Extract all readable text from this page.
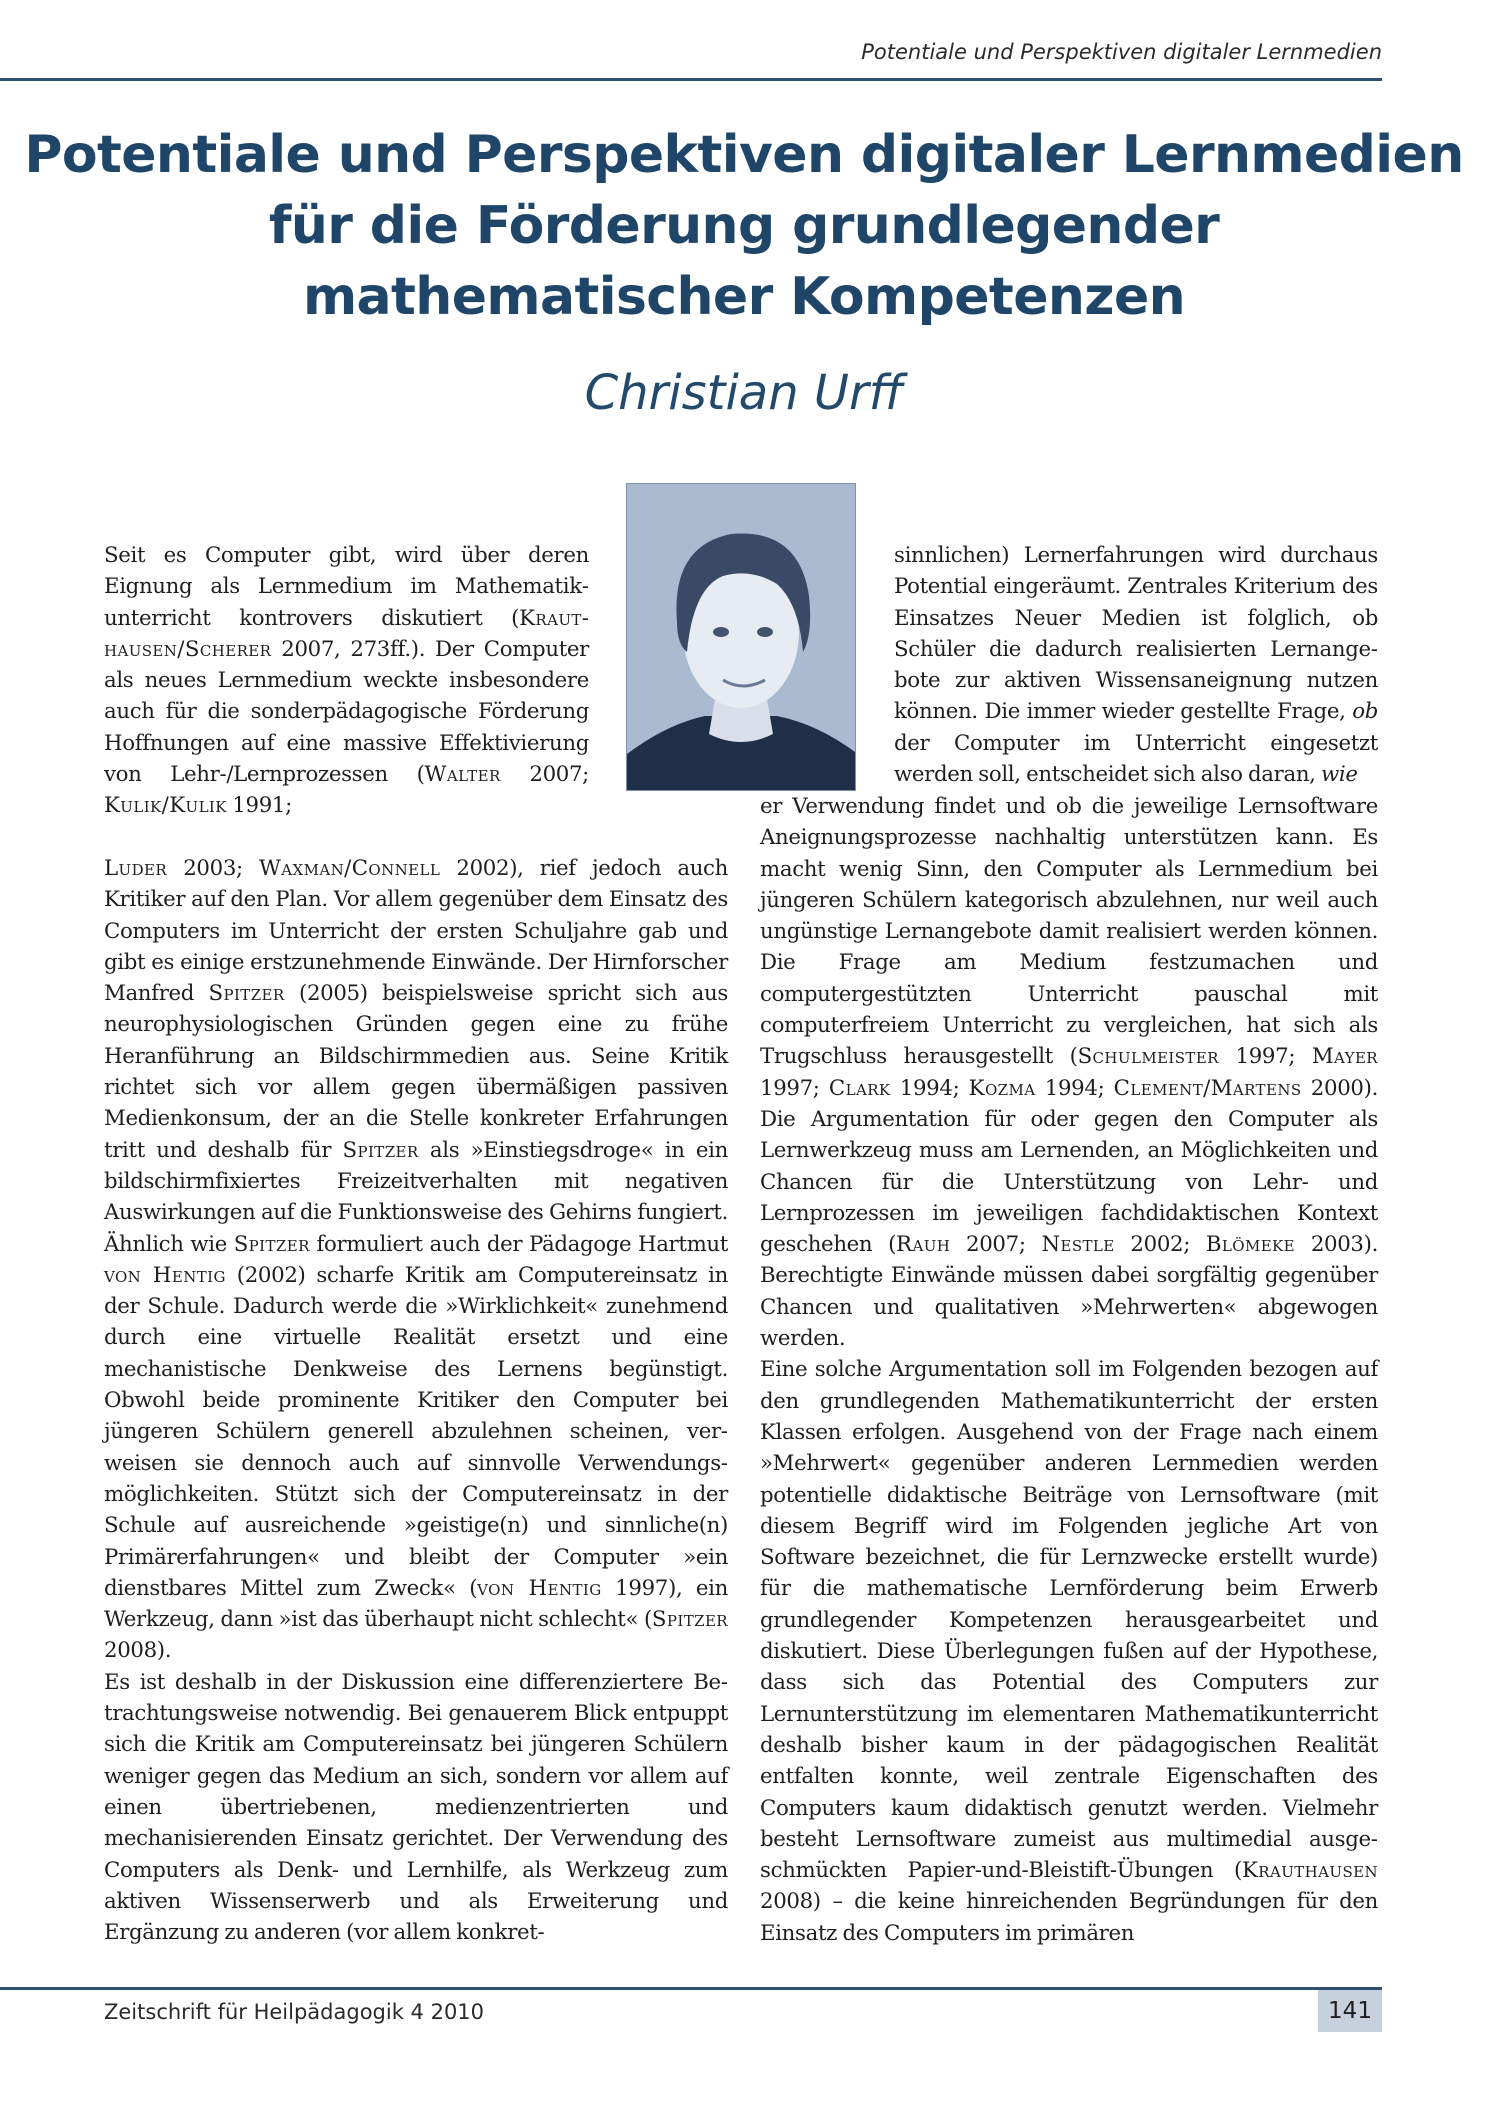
Potentiale und Perspektiven digitaler Lernmedien
Potentiale und Perspektiven digitaler Lernmedien
für die Förderung grundlegender
mathematischer Kompetenzen
Christian Urff
Seit es Computer gibt, wird über deren Eignung als Lernmedium im Mathematikunterricht kontrovers diskutiert (Krauthausen/Scherer 2007, 273ff.). Der Computer als neues Lernmedium weckte insbesondere auch für die sonderpädagogische Förderung Hoffnungen auf eine massive Effektivierung von Lehr-/Lernprozessen (Walter 2007; Kulik/Kulik 1991;

Luder 2003; Waxman/Connell 2002), rief jedoch auch Kritiker auf den Plan. Vor allem gegenüber dem Einsatz des Computers im Unterricht der ersten Schuljahre gab und gibt es einige erstzunehmende Einwände. Der Hirnforscher Manfred Spitzer (2005) beispielsweise spricht sich aus neurophysiologischen Gründen gegen eine zu frühe Heranführung an Bildschirmmedien aus. Seine Kritik richtet sich vor allem gegen übermäßigen passiven Medienkonsum, der an die Stelle konkreter Erfahrungen tritt und deshalb für Spitzer als »Einstiegsdroge« in ein bildschirmfixiertes Freizeitverhalten mit negativen Auswirkungen auf die Funktionsweise des Gehirns fungiert. Ähnlich wie Spitzer formuliert auch der Pädagoge Hartmut von Hentig (2002) scharfe Kritik am Computereinsatz in der Schule. Dadurch werde die »Wirklichkeit« zunehmend durch eine virtuelle Realität ersetzt und eine mechanistische Denkweise des Lernens begünstigt. Obwohl beide prominente Kritiker den Computer bei jüngeren Schülern generell abzulehnen scheinen, verweisen sie dennoch auch auf sinnvolle Verwendungsmöglichkeiten. Stützt sich der Computereinsatz in der Schule auf ausreichende »geistige(n) und sinnliche(n) Primärerfahrungen« und bleibt der Computer »ein dienstbares Mittel zum Zweck« (von Hentig 1997), ein Werkzeug, dann »ist das überhaupt nicht schlecht« (Spitzer 2008).

Es ist deshalb in der Diskussion eine differenziertere Betrachtungsweise notwendig. Bei genauerem Blick entpuppt sich die Kritik am Computereinsatz bei jüngeren Schülern weniger gegen das Medium an sich, sondern vor allem auf einen übertriebenen, medienzentrierten und mechanisierenden Einsatz gerichtet. Der Verwendung des Computers als Denk- und Lernhilfe, als Werkzeug zum aktiven Wissenserwerb und als Erweiterung und Ergänzung zu anderen (vor allem konkret-

sinnlichen) Lernerfahrungen wird durchaus Potential eingeräumt. Zentrales Kriterium des Einsatzes Neuer Medien ist folglich, ob Schüler die dadurch realisierten Lernangebote zur aktiven Wissensaneignung nutzen können. Die immer wieder gestellte Frage, ob der Computer im Unterricht eingesetzt werden soll, entscheidet sich also daran, wie

er Verwendung findet und ob die jeweilige Lernsoftware Aneignungsprozesse nachhaltig unterstützen kann. Es macht wenig Sinn, den Computer als Lernmedium bei jüngeren Schülern kategorisch abzulehnen, nur weil auch ungünstige Lernangebote damit realisiert werden können. Die Frage am Medium festzumachen und computergestützten Unterricht pauschal mit computerfreiem Unterricht zu vergleichen, hat sich als Trugschluss herausgestellt (Schulmeister 1997; Mayer 1997; Clark 1994; Kozma 1994; Clement/Martens 2000). Die Argumentation für oder gegen den Computer als Lernwerkzeug muss am Lernenden, an Möglichkeiten und Chancen für die Unterstützung von Lehr- und Lernprozessen im jeweiligen fachdidaktischen Kontext geschehen (Rauh 2007; Nestle 2002; Blömeke 2003). Berechtigte Einwände müssen dabei sorgfältig gegenüber Chancen und qualitativen »Mehrwerten« abgewogen werden.

Eine solche Argumentation soll im Folgenden bezogen auf den grundlegenden Mathematikunterricht der ersten Klassen erfolgen. Ausgehend von der Frage nach einem »Mehrwert« gegenüber anderen Lernmedien werden potentielle didaktische Beiträge von Lernsoftware (mit diesem Begriff wird im Folgenden jegliche Art von Software bezeichnet, die für Lernzwecke erstellt wurde) für die mathematische Lernförderung beim Erwerb grundlegender Kompetenzen herausgearbeitet und diskutiert. Diese Überlegungen fußen auf der Hypothese, dass sich das Potential des Computers zur Lernunterstützung im elementaren Mathematikunterricht deshalb bisher kaum in der pädagogischen Realität entfalten konnte, weil zentrale Eigenschaften des Computers kaum didaktisch genutzt werden. Vielmehr besteht Lernsoftware zumeist aus multimedial ausgeschmückten Papier-und-Bleistift-Übungen (Krauthausen 2008) – die keine hinreichenden Begründungen für den Einsatz des Computers im primären

Zeitschrift für Heilpädagogik 4 2010	141
